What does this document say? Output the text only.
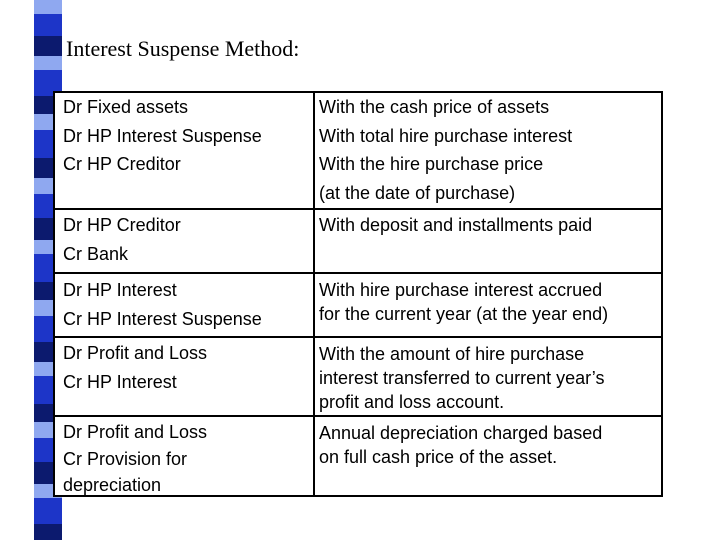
Interest Suspense Method:
Dr Fixed assets
Dr HP Interest Suspense
Cr HP Creditor
With the cash price of assets
With total hire purchase interest
With the hire purchase price
(at the date of purchase)
Dr HP Creditor
Cr Bank
With deposit and installments paid
Dr HP Interest
Cr HP Interest Suspense
With hire purchase interest accrued
for the current year (at the year end)
Dr Profit and Loss
Cr HP Interest
With the amount of hire purchase
interest transferred to current year’s
profit and loss account.
Dr Profit and Loss
Cr Provision for
depreciation
Annual depreciation charged based
on full cash price of the asset.
